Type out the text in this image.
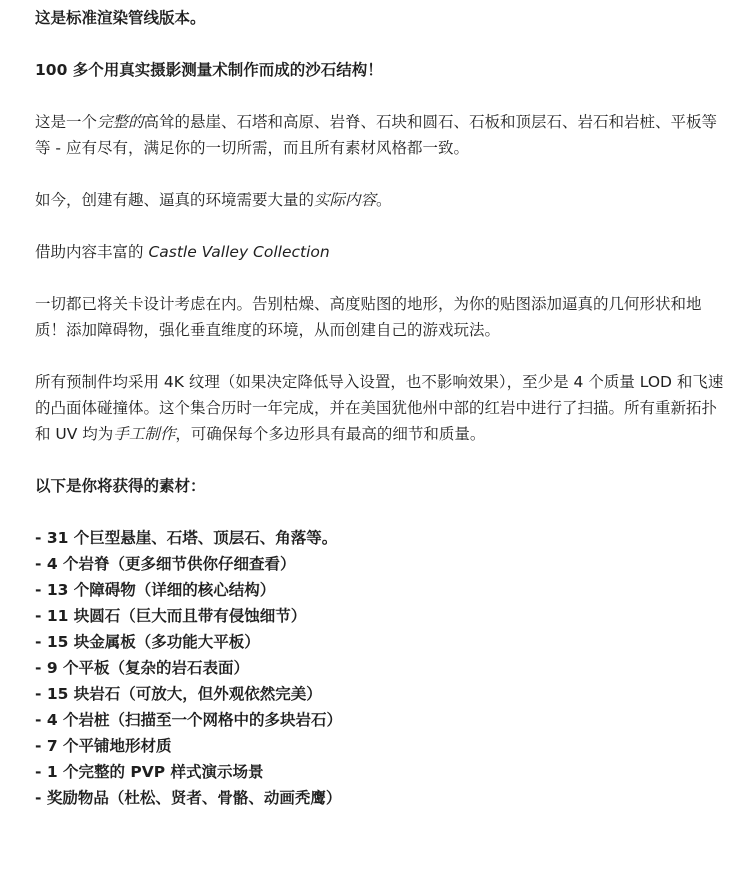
这是标准渲染管线版本。

100 多个用真实摄影测量术制作而成的沙石结构！

这是一个完整的高耸的悬崖、石塔和高原、岩脊、石块和圆石、石板和顶层石、岩石和岩桩、平板等等 - 应有尽有，满足你的一切所需，而且所有素材风格都一致。

如今，创建有趣、逼真的环境需要大量的实际内容。

借助内容丰富的 Castle Valley Collection

一切都已将关卡设计考虑在内。告别枯燥、高度贴图的地形，为你的贴图添加逼真的几何形状和地质！添加障碍物，强化垂直维度的环境，从而创建自己的游戏玩法。

所有预制件均采用 4K 纹理（如果决定降低导入设置，也不影响效果），至少是 4 个质量 LOD 和飞速的凸面体碰撞体。这个集合历时一年完成，并在美国犹他州中部的红岩中进行了扫描。所有重新拓扑和 UV 均为手工制作，可确保每个多边形具有最高的细节和质量。

以下是你将获得的素材：

- 31 个巨型悬崖、石塔、顶层石、角落等。
- 4 个岩脊（更多细节供你仔细查看）
- 13 个障碍物（详细的核心结构）
- 11 块圆石（巨大而且带有侵蚀细节）
- 15 块金属板（多功能大平板）
- 9 个平板（复杂的岩石表面）
- 15 块岩石（可放大，但外观依然完美）
- 4 个岩桩（扫描至一个网格中的多块岩石）
- 7 个平铺地形材质
- 1 个完整的 PVP 样式演示场景
- 奖励物品（杜松、贤者、骨骼、动画秃鹰）
